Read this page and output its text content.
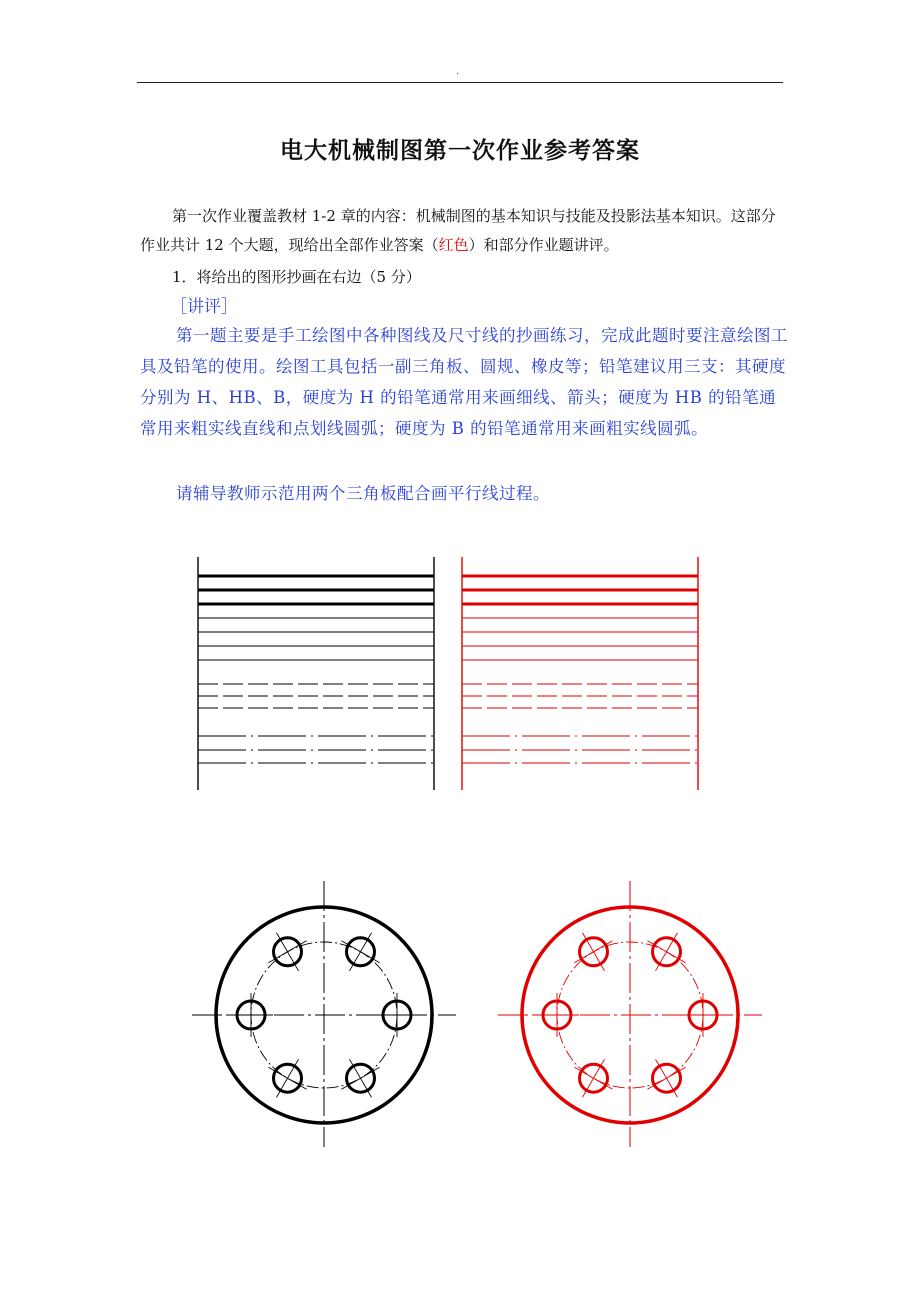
.
电大机械制图第一次作业参考答案
第一次作业覆盖教材 1-2 章的内容：机械制图的基本知识与技能及投影法基本知识。这部分作业共计 12 个大题，现给出全部作业答案（红色）和部分作业题讲评。
1．将给出的图形抄画在右边（5 分）
［讲评］
第一题主要是手工绘图中各种图线及尺寸线的抄画练习，完成此题时要注意绘图工具及铅笔的使用。绘图工具包括一副三角板、圆规、橡皮等；铅笔建议用三支：其硬度分别为 H、HB、B，硬度为 H 的铅笔通常用来画细线、箭头；硬度为 HB 的铅笔通常用来粗实线直线和点划线圆弧；硬度为 B 的铅笔通常用来画粗实线圆弧。
请辅导教师示范用两个三角板配合画平行线过程。
